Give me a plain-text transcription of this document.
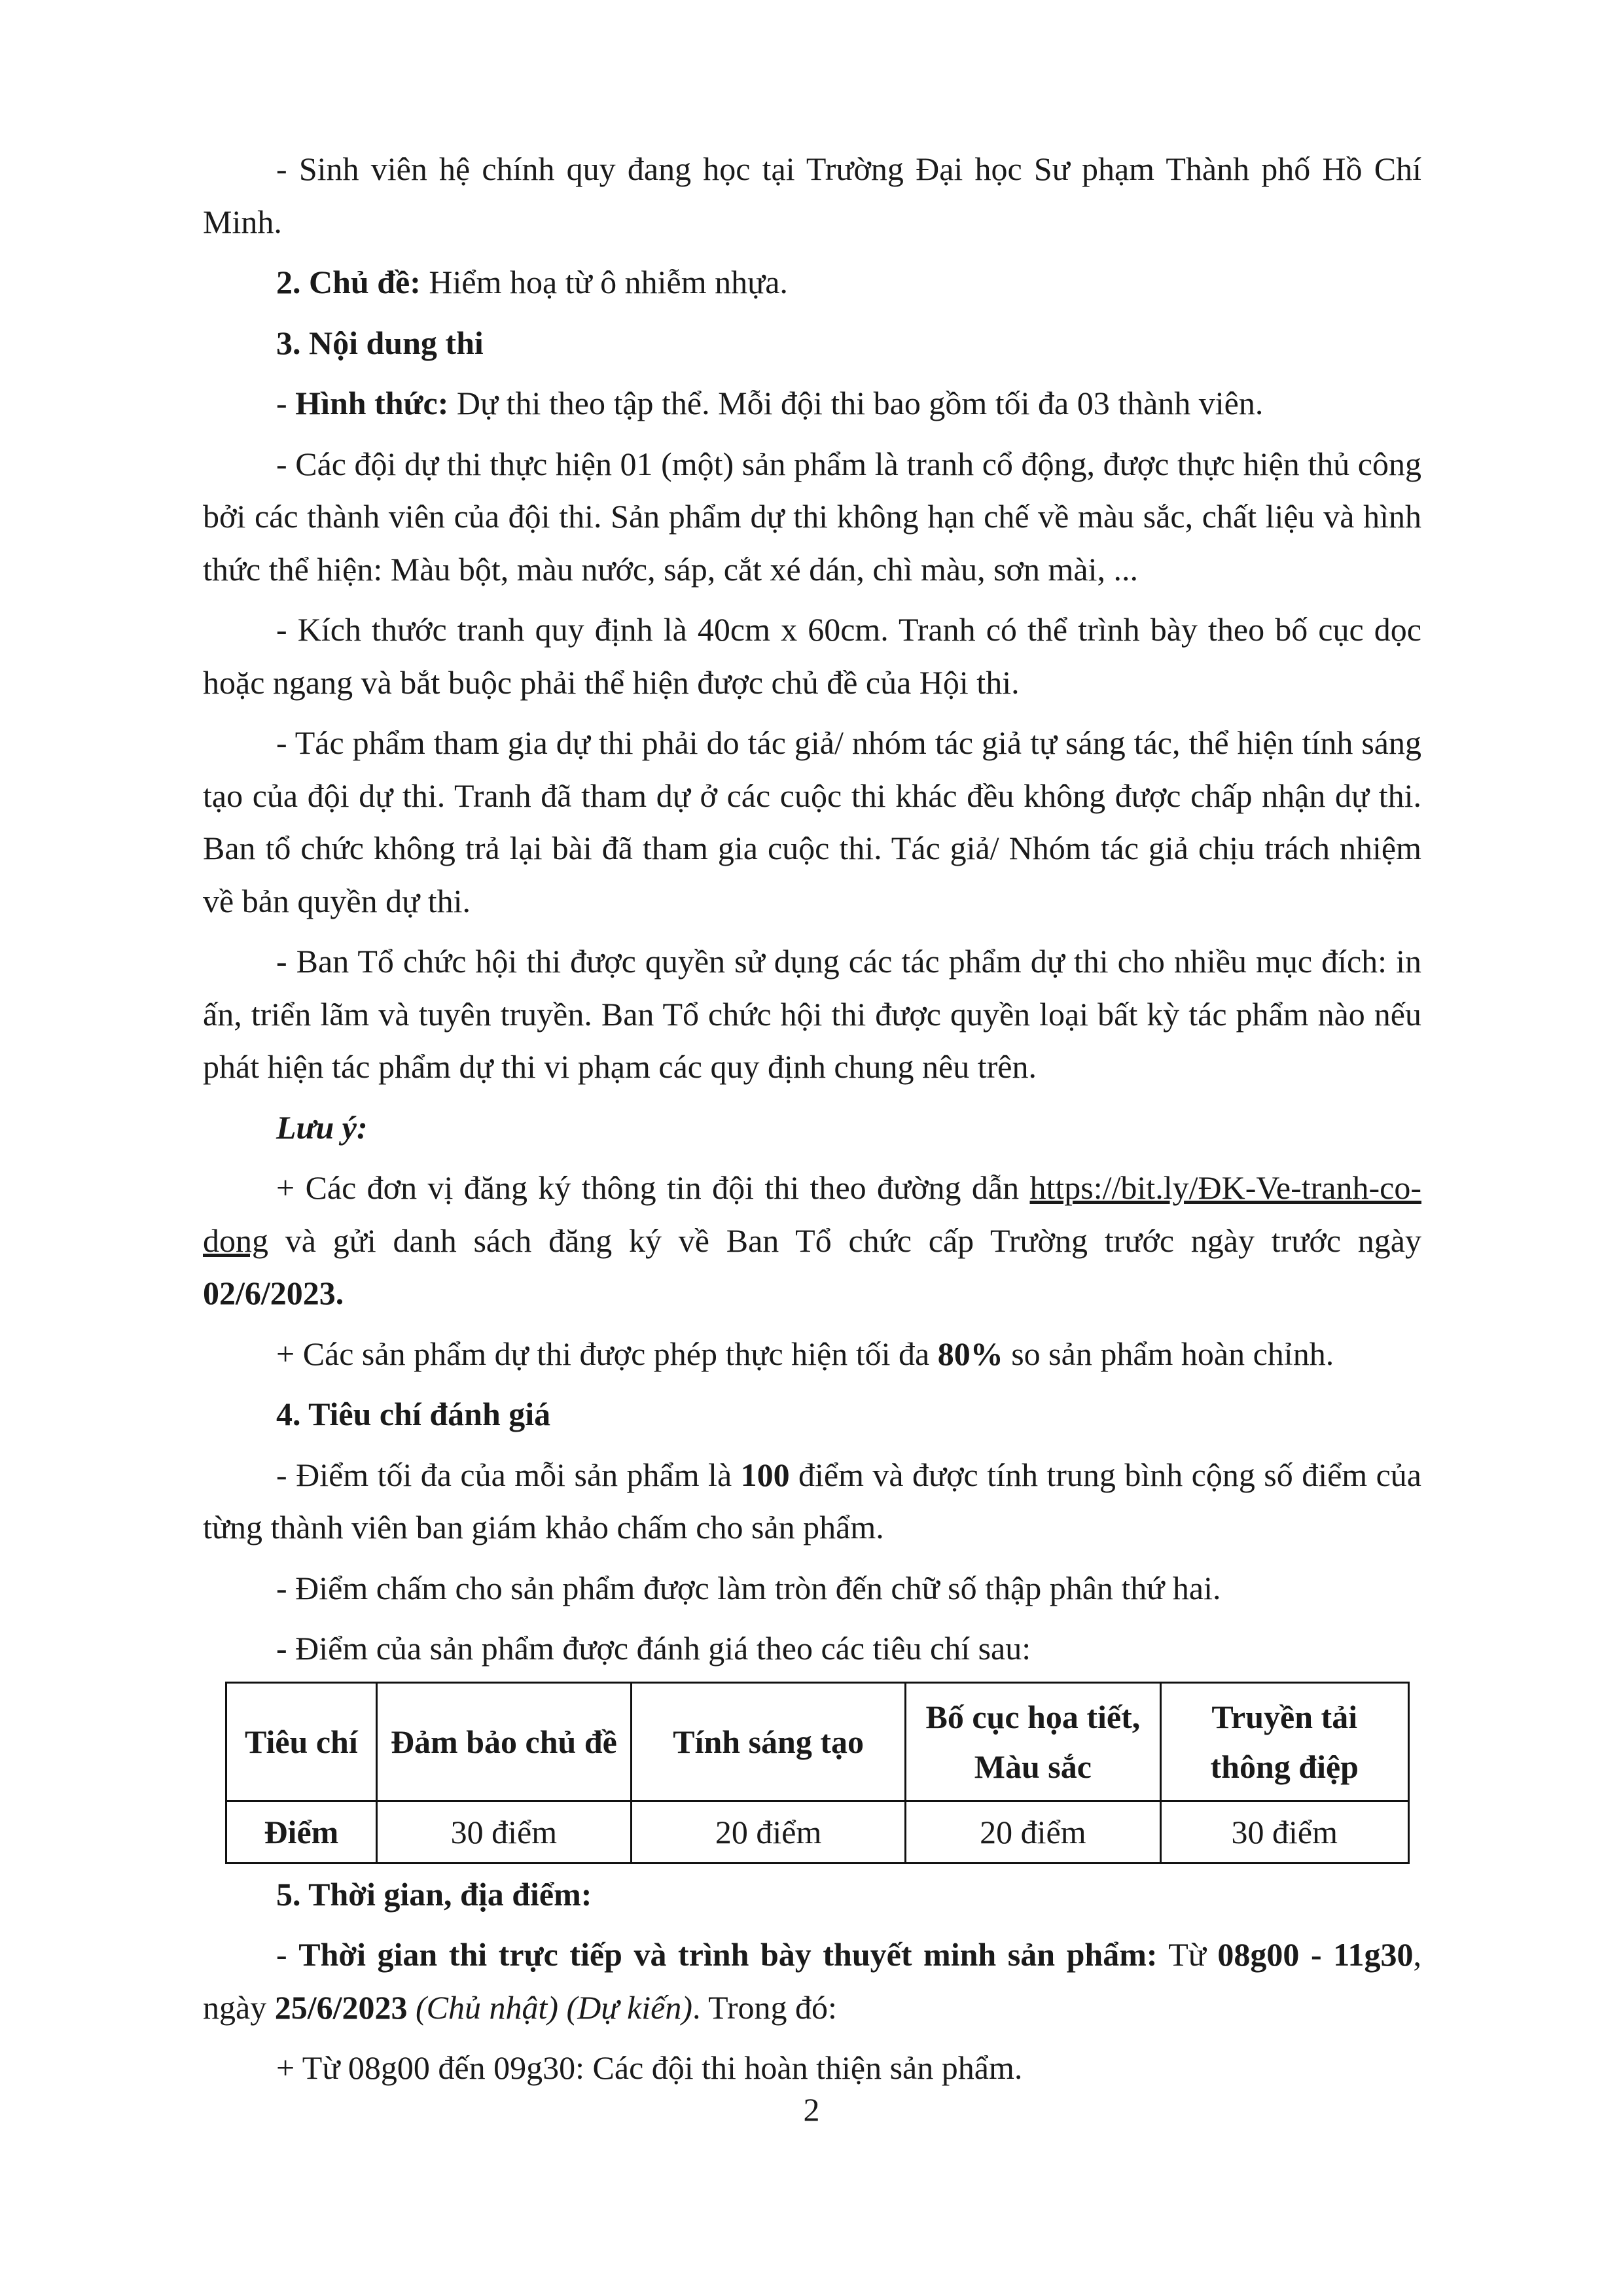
- Sinh viên hệ chính quy đang học tại Trường Đại học Sư phạm Thành phố Hồ Chí Minh.

2. Chủ đề: Hiểm hoạ từ ô nhiễm nhựa.

3. Nội dung thi

- Hình thức: Dự thi theo tập thể. Mỗi đội thi bao gồm tối đa 03 thành viên.

- Các đội dự thi thực hiện 01 (một) sản phẩm là tranh cổ động, được thực hiện thủ công bởi các thành viên của đội thi. Sản phẩm dự thi không hạn chế về màu sắc, chất liệu và hình thức thể hiện: Màu bột, màu nước, sáp, cắt xé dán, chì màu, sơn mài, ...

- Kích thước tranh quy định là 40cm x 60cm. Tranh có thể trình bày theo bố cục dọc hoặc ngang và bắt buộc phải thể hiện được chủ đề của Hội thi.

- Tác phẩm tham gia dự thi phải do tác giả/ nhóm tác giả tự sáng tác, thể hiện tính sáng tạo của đội dự thi. Tranh đã tham dự ở các cuộc thi khác đều không được chấp nhận dự thi. Ban tổ chức không trả lại bài đã tham gia cuộc thi. Tác giả/ Nhóm tác giả chịu trách nhiệm về bản quyền dự thi.

- Ban Tổ chức hội thi được quyền sử dụng các tác phẩm dự thi cho nhiều mục đích: in ấn, triển lãm và tuyên truyền. Ban Tổ chức hội thi được quyền loại bất kỳ tác phẩm nào nếu phát hiện tác phẩm dự thi vi phạm các quy định chung nêu trên.

Lưu ý:

+ Các đơn vị đăng ký thông tin đội thi theo đường dẫn https://bit.ly/ĐK-Ve-tranh-co-dong và gửi danh sách đăng ký về Ban Tổ chức cấp Trường trước ngày trước ngày 02/6/2023.

+ Các sản phẩm dự thi được phép thực hiện tối đa 80% so sản phẩm hoàn chỉnh.

4. Tiêu chí đánh giá

- Điểm tối đa của mỗi sản phẩm là 100 điểm và được tính trung bình cộng số điểm của từng thành viên ban giám khảo chấm cho sản phẩm.

- Điểm chấm cho sản phẩm được làm tròn đến chữ số thập phân thứ hai.

- Điểm của sản phẩm được đánh giá theo các tiêu chí sau:

Tiêu chí	Đảm bảo chủ đề	Tính sáng tạo	Bố cục họa tiết, Màu sắc	Truyền tải thông điệp
Điểm	30 điểm	20 điểm	20 điểm	30 điểm

5. Thời gian, địa điểm:

- Thời gian thi trực tiếp và trình bày thuyết minh sản phẩm: Từ 08g00 - 11g30, ngày 25/6/2023 (Chủ nhật) (Dự kiến). Trong đó:

+ Từ 08g00 đến 09g30: Các đội thi hoàn thiện sản phẩm.

2
